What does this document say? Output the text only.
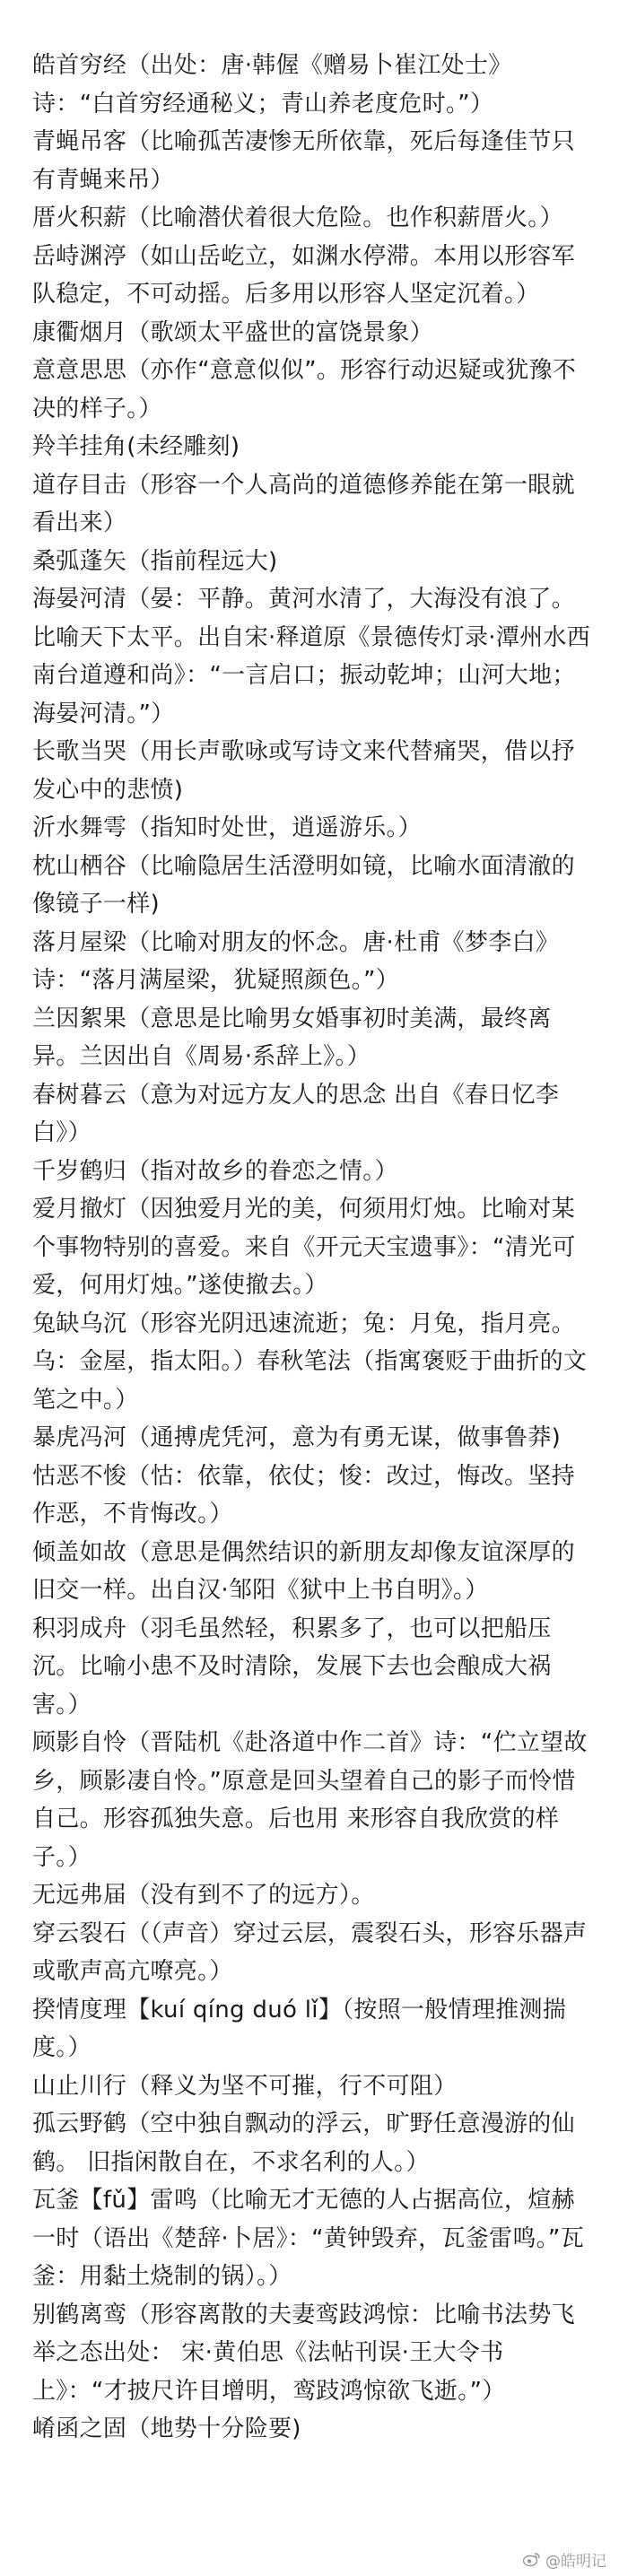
皓首穷经（出处：唐·韩偓《赠易卜崔江处士》诗：“白首穷经通秘义；青山养老度危时。”）

青蝇吊客（比喻孤苦凄惨无所依靠，死后每逢佳节只有青蝇来吊）

厝火积薪（比喻潜伏着很大危险。也作积薪厝火。）

岳峙渊渟（如山岳屹立，如渊水停滞。本用以形容军队稳定，不可动摇。后多用以形容人坚定沉着。）

康衢烟月（歌颂太平盛世的富饶景象）

意意思思（亦作“意意似似”。形容行动迟疑或犹豫不决的样子。）

羚羊挂角(未经雕刻)

道存目击（形容一个人高尚的道德修养能在第一眼就看出来）

桑弧蓬矢（指前程远大)

海晏河清（晏：平静。黄河水清了，大海没有浪了。比喻天下太平。出自宋·释道原《景德传灯录·潭州水西南台道遵和尚》：“一言启口；振动乾坤；山河大地；海晏河清。”）

长歌当哭（用长声歌咏或写诗文来代替痛哭，借以抒发心中的悲愤)

沂水舞雩（指知时处世，逍遥游乐。）

枕山栖谷（比喻隐居生活澄明如镜，比喻水面清澈的像镜子一样)

落月屋梁（比喻对朋友的怀念。唐·杜甫《梦李白》诗：“落月满屋梁，犹疑照颜色。”）

兰因絮果（意思是比喻男女婚事初时美满，最终离异。兰因出自《周易·系辞上》。）

春树暮云（意为对远方友人的思念 出自《春日忆李白》）

千岁鹤归（指对故乡的眷恋之情。）

爱月撤灯（因独爱月光的美，何须用灯烛。比喻对某个事物特别的喜爱。来自《开元天宝遗事》：“清光可爱，何用灯烛。”遂使撤去。）

兔缺乌沉（形容光阴迅速流逝；兔：月兔，指月亮。乌：金屋，指太阳。）春秋笔法（指寓褒贬于曲折的文笔之中。）

暴虎冯河（通搏虎凭河，意为有勇无谋，做事鲁莽)

怙恶不悛（怙：依靠，依仗；悛：改过，悔改。坚持作恶，不肯悔改。）

倾盖如故（意思是偶然结识的新朋友却像友谊深厚的旧交一样。出自汉·邹阳《狱中上书自明》。）

积羽成舟（羽毛虽然轻，积累多了，也可以把船压沉。比喻小患不及时清除，发展下去也会酿成大祸害。）

顾影自怜（晋陆机《赴洛道中作二首》诗：“伫立望故乡，顾影凄自怜。”原意是回头望着自己的影子而怜惜自己。形容孤独失意。后也用 来形容自我欣赏的样子。）

无远弗届（没有到不了的远方）。

穿云裂石（（声音）穿过云层，震裂石头，形容乐器声或歌声高亢嘹亮。）

揆情度理【kuí qíng duó lǐ】（按照一般情理推测揣度。）

山止川行（释义为坚不可摧，行不可阻）

孤云野鹤（空中独自飘动的浮云，旷野任意漫游的仙鹤。 旧指闲散自在，不求名利的人。）

瓦釜【fǔ】雷鸣（比喻无才无德的人占据高位，煊赫一时（语出《楚辞·卜居》：“黄钟毁弃，瓦釜雷鸣。”瓦釜：用黏土烧制的锅）。）

别鹤离鸾（形容离散的夫妻鸾跂鸿惊：比喻书法势飞举之态出处： 宋·黄伯思《法帖刊误·王大令书上》：“才披尺许目增明，鸾跂鸿惊欲飞逝。”）

崤函之固（地势十分险要)

@皓明记
